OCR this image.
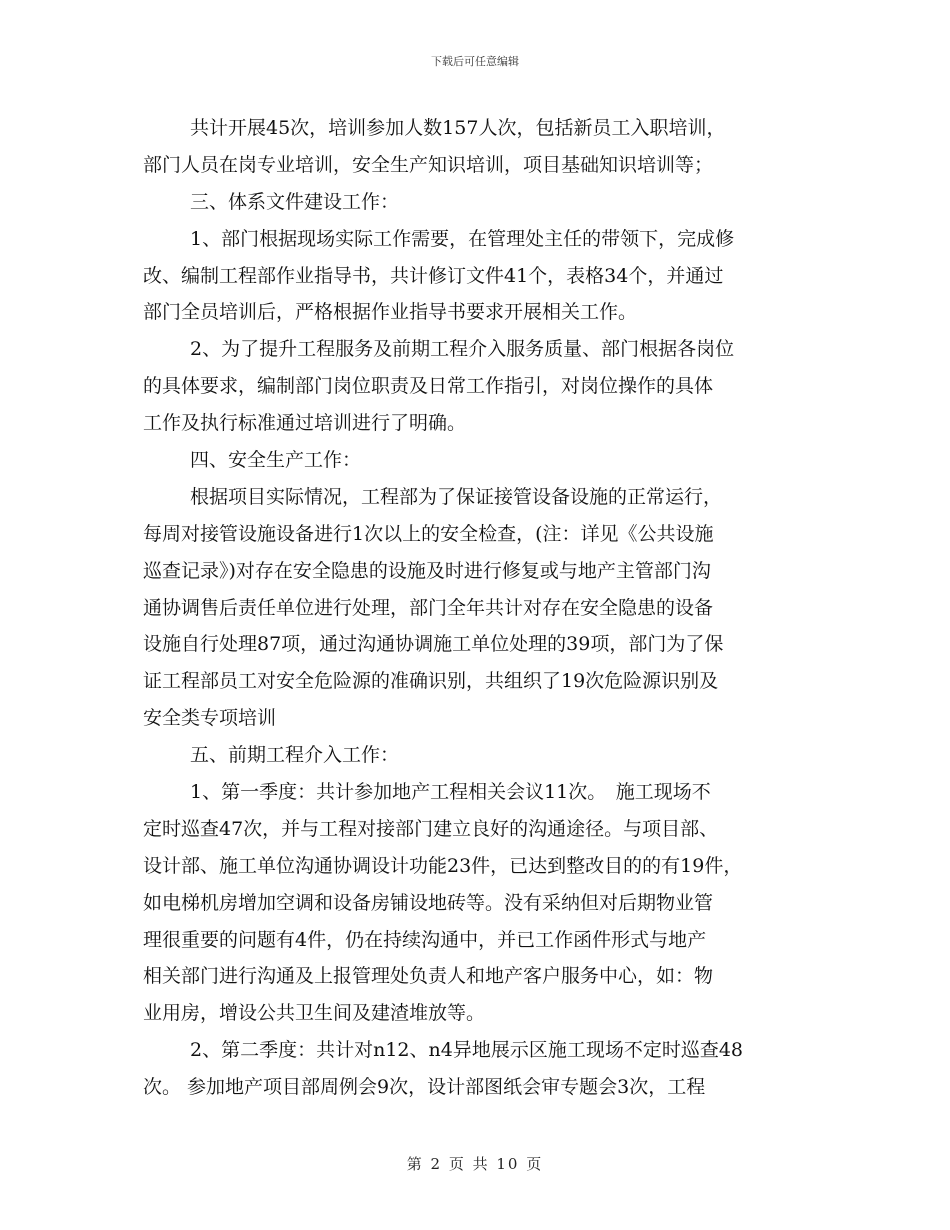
下载后可任意编辑
共计开展45次，培训参加人数157人次，包括新员工入职培训，
部门人员在岗专业培训，安全生产知识培训，项目基础知识培训等；
三、体系文件建设工作：
1、部门根据现场实际工作需要，在管理处主任的带领下，完成修
改、编制工程部作业指导书，共计修订文件41个，表格34个，并通过
部门全员培训后，严格根据作业指导书要求开展相关工作。
2、为了提升工程服务及前期工程介入服务质量、部门根据各岗位
的具体要求，编制部门岗位职责及日常工作指引，对岗位操作的具体
工作及执行标准通过培训进行了明确。
四、安全生产工作：
根据项目实际情况，工程部为了保证接管设备设施的正常运行，
每周对接管设施设备进行1次以上的安全检查，(注：详见《公共设施
巡查记录》)对存在安全隐患的设施及时进行修复或与地产主管部门沟
通协调售后责任单位进行处理，部门全年共计对存在安全隐患的设备
设施自行处理87项，通过沟通协调施工单位处理的39项，部门为了保
证工程部员工对安全危险源的准确识别，共组织了19次危险源识别及
安全类专项培训
五、前期工程介入工作：
1、第一季度：共计参加地产工程相关会议11次。　施工现场不
定时巡查47次，并与工程对接部门建立良好的沟通途径。与项目部、
设计部、施工单位沟通协调设计功能23件，已达到整改目的的有19件，
如电梯机房增加空调和设备房铺设地砖等。没有采纳但对后期物业管
理很重要的问题有4件，仍在持续沟通中，并已工作函件形式与地产
相关部门进行沟通及上报管理处负责人和地产客户服务中心，如：物
业用房，增设公共卫生间及建渣堆放等。
2、第二季度：共计对n12、n4异地展示区施工现场不定时巡查48
次。 参加地产项目部周例会9次，设计部图纸会审专题会3次，工程
第 2 页 共 10 页
